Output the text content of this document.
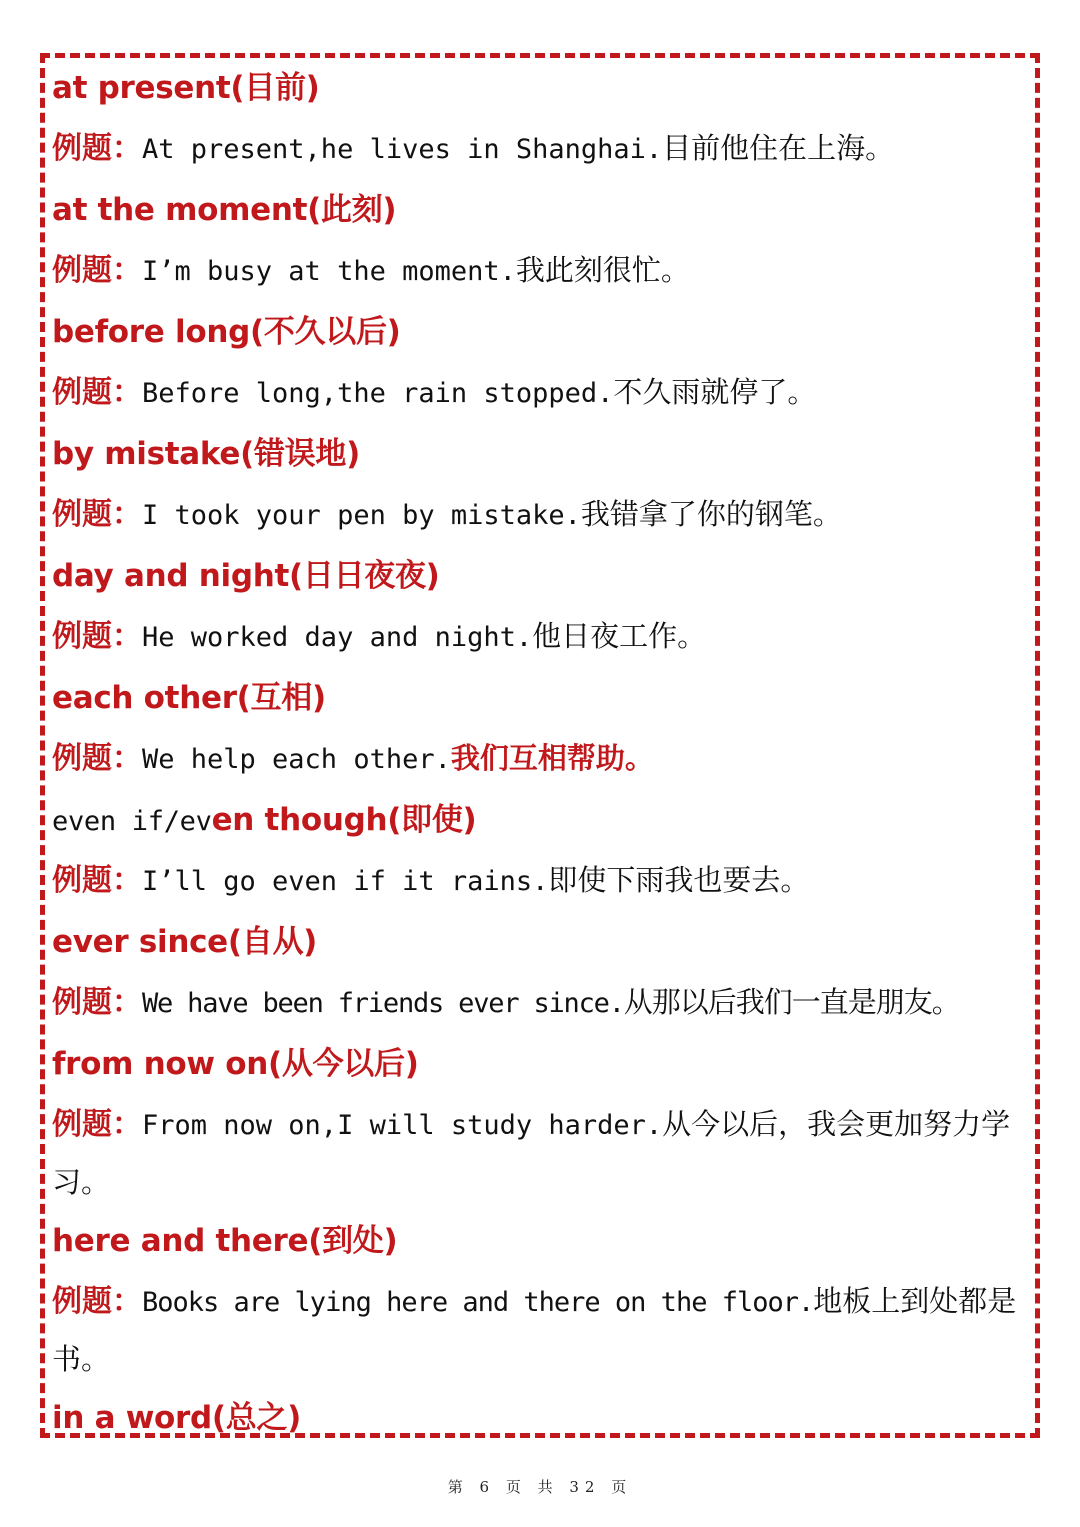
at present(目前)
例题：At present,he lives in Shanghai.目前他住在上海。
at the moment(此刻)
例题：I’m busy at the moment.我此刻很忙。
before long(不久以后)
例题：Before long,the rain stopped.不久雨就停了。
by mistake(错误地)
例题：I took your pen by mistake.我错拿了你的钢笔。
day and night(日日夜夜)
例题：He worked day and night.他日夜工作。
each other(互相)
例题：We help each other.我们互相帮助。
even if/even though(即使)
例题：I’ll go even if it rains.即使下雨我也要去。
ever since(自从)
例题：We have been friends ever since.从那以后我们一直是朋友。
from now on(从今以后)
例题：From now on,I will study harder.从今以后，我会更加努力学习。
here and there(到处)
例题：Books are lying here and there on the floor.地板上到处都是书。
in a word(总之)
第 6 页 共 32 页
